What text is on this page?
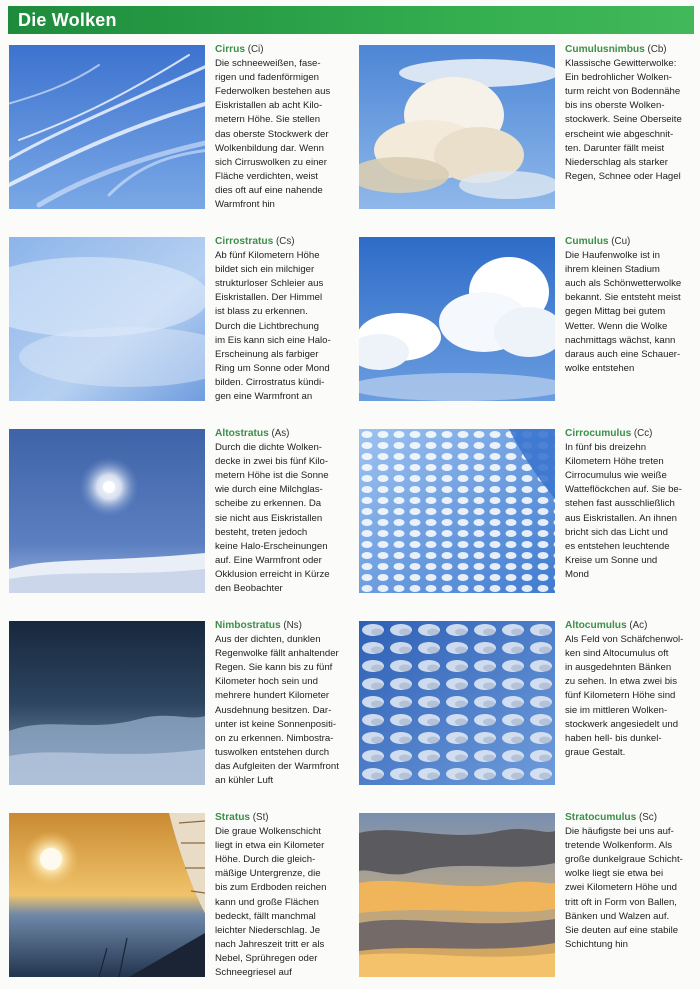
Die Wolken
Cirrus (Ci)
Die schneeweißen, fase-
rigen und fadenförmigen
Federwolken bestehen aus
Eiskristallen ab acht Kilo-
metern Höhe. Sie stellen
das oberste Stockwerk der
Wolkenbildung dar. Wenn
sich Cirruswolken zu einer
Fläche verdichten, weist
dies oft auf eine nahende
Warmfront hin
Cumulusnimbus (Cb)
Klassische Gewitterwolke:
Ein bedrohlicher Wolken-
turm reicht von Bodennähe
bis ins oberste Wolken-
stockwerk. Seine Oberseite
erscheint wie abgeschnit-
ten. Darunter fällt meist
Niederschlag als starker
Regen, Schnee oder Hagel
Cirrostratus (Cs)
Ab fünf Kilometern Höhe
bildet sich ein milchiger
strukturloser Schleier aus
Eiskristallen. Der Himmel
ist blass zu erkennen.
Durch die Lichtbrechung
im Eis kann sich eine Halo-
Erscheinung als farbiger
Ring um Sonne oder Mond
bilden. Cirrostratus kündi-
gen eine Warmfront an
Cumulus (Cu)
Die Haufenwolke ist in
ihrem kleinen Stadium
auch als Schönwetterwolke
bekannt. Sie entsteht meist
gegen Mittag bei gutem
Wetter. Wenn die Wolke
nachmittags wächst, kann
daraus auch eine Schauer-
wolke entstehen
Altostratus (As)
Durch die dichte Wolken-
decke in zwei bis fünf Kilo-
metern Höhe ist die Sonne
wie durch eine Milchglas-
scheibe zu erkennen. Da
sie nicht aus Eiskristallen
besteht, treten jedoch
keine Halo-Erscheinungen
auf. Eine Warmfront oder
Okklusion erreicht in Kürze
den Beobachter
Cirrocumulus (Cc)
In fünf bis dreizehn
Kilometern Höhe treten
Cirrocumulus wie weiße
Watteflöckchen auf. Sie be-
stehen fast ausschließlich
aus Eiskristallen. An ihnen
bricht sich das Licht und
es entstehen leuchtende
Kreise um Sonne und
Mond
Nimbostratus (Ns)
Aus der dichten, dunklen
Regenwolke fällt anhaltender
Regen. Sie kann bis zu fünf
Kilometer hoch sein und
mehrere hundert Kilometer
Ausdehnung besitzen. Dar-
unter ist keine Sonnenpositi-
on zu erkennen. Nimbostra-
tuswolken entstehen durch
das Aufgleiten der Warmfront
an kühler Luft
Altocumulus (Ac)
Als Feld von Schäfchenwol-
ken sind Altocumulus oft
in ausgedehnten Bänken
zu sehen. In etwa zwei bis
fünf Kilometern Höhe sind
sie im mittleren Wolken-
stockwerk angesiedelt und
haben hell- bis dunkel-
graue Gestalt.
Stratus (St)
Die graue Wolkenschicht
liegt in etwa ein Kilometer
Höhe. Durch die gleich-
mäßige Untergrenze, die
bis zum Erdboden reichen
kann und große Flächen
bedeckt, fällt manchmal
leichter Niederschlag. Je
nach Jahreszeit tritt er als
Nebel, Sprühregen oder
Schneegriesel auf
Stratocumulus (Sc)
Die häufigste bei uns auf-
tretende Wolkenform. Als
große dunkelgraue Schicht-
wolke liegt sie etwa bei
zwei Kilometern Höhe und
tritt oft in Form von Ballen,
Bänken und Walzen auf.
Sie deuten auf eine stabile
Schichtung hin
